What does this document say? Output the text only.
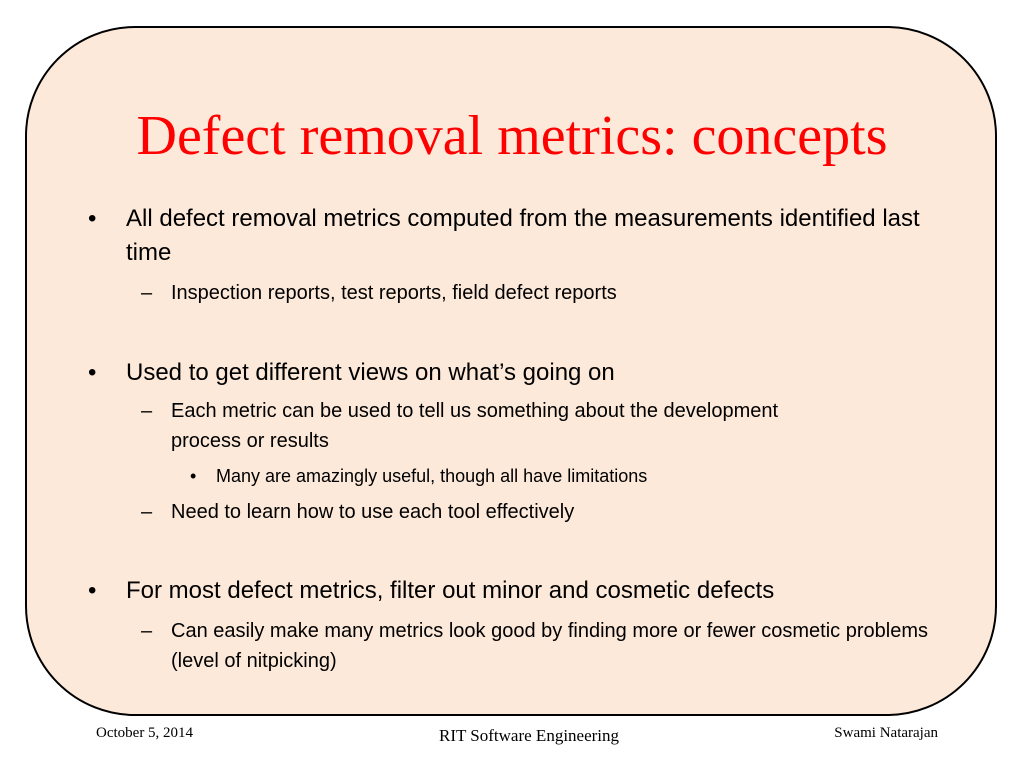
Defect removal metrics: concepts
• All defect removal metrics computed from the measurements identified last time
– Inspection reports, test reports, field defect reports
• Used to get different views on what’s going on
– Each metric can be used to tell us something about the development process or results
• Many are amazingly useful, though all have limitations
– Need to learn how to use each tool effectively
• For most defect metrics, filter out minor and cosmetic defects
– Can easily make many metrics look good by finding more or fewer cosmetic problems (level of nitpicking)
October 5, 2014	RIT Software Engineering	Swami Natarajan
